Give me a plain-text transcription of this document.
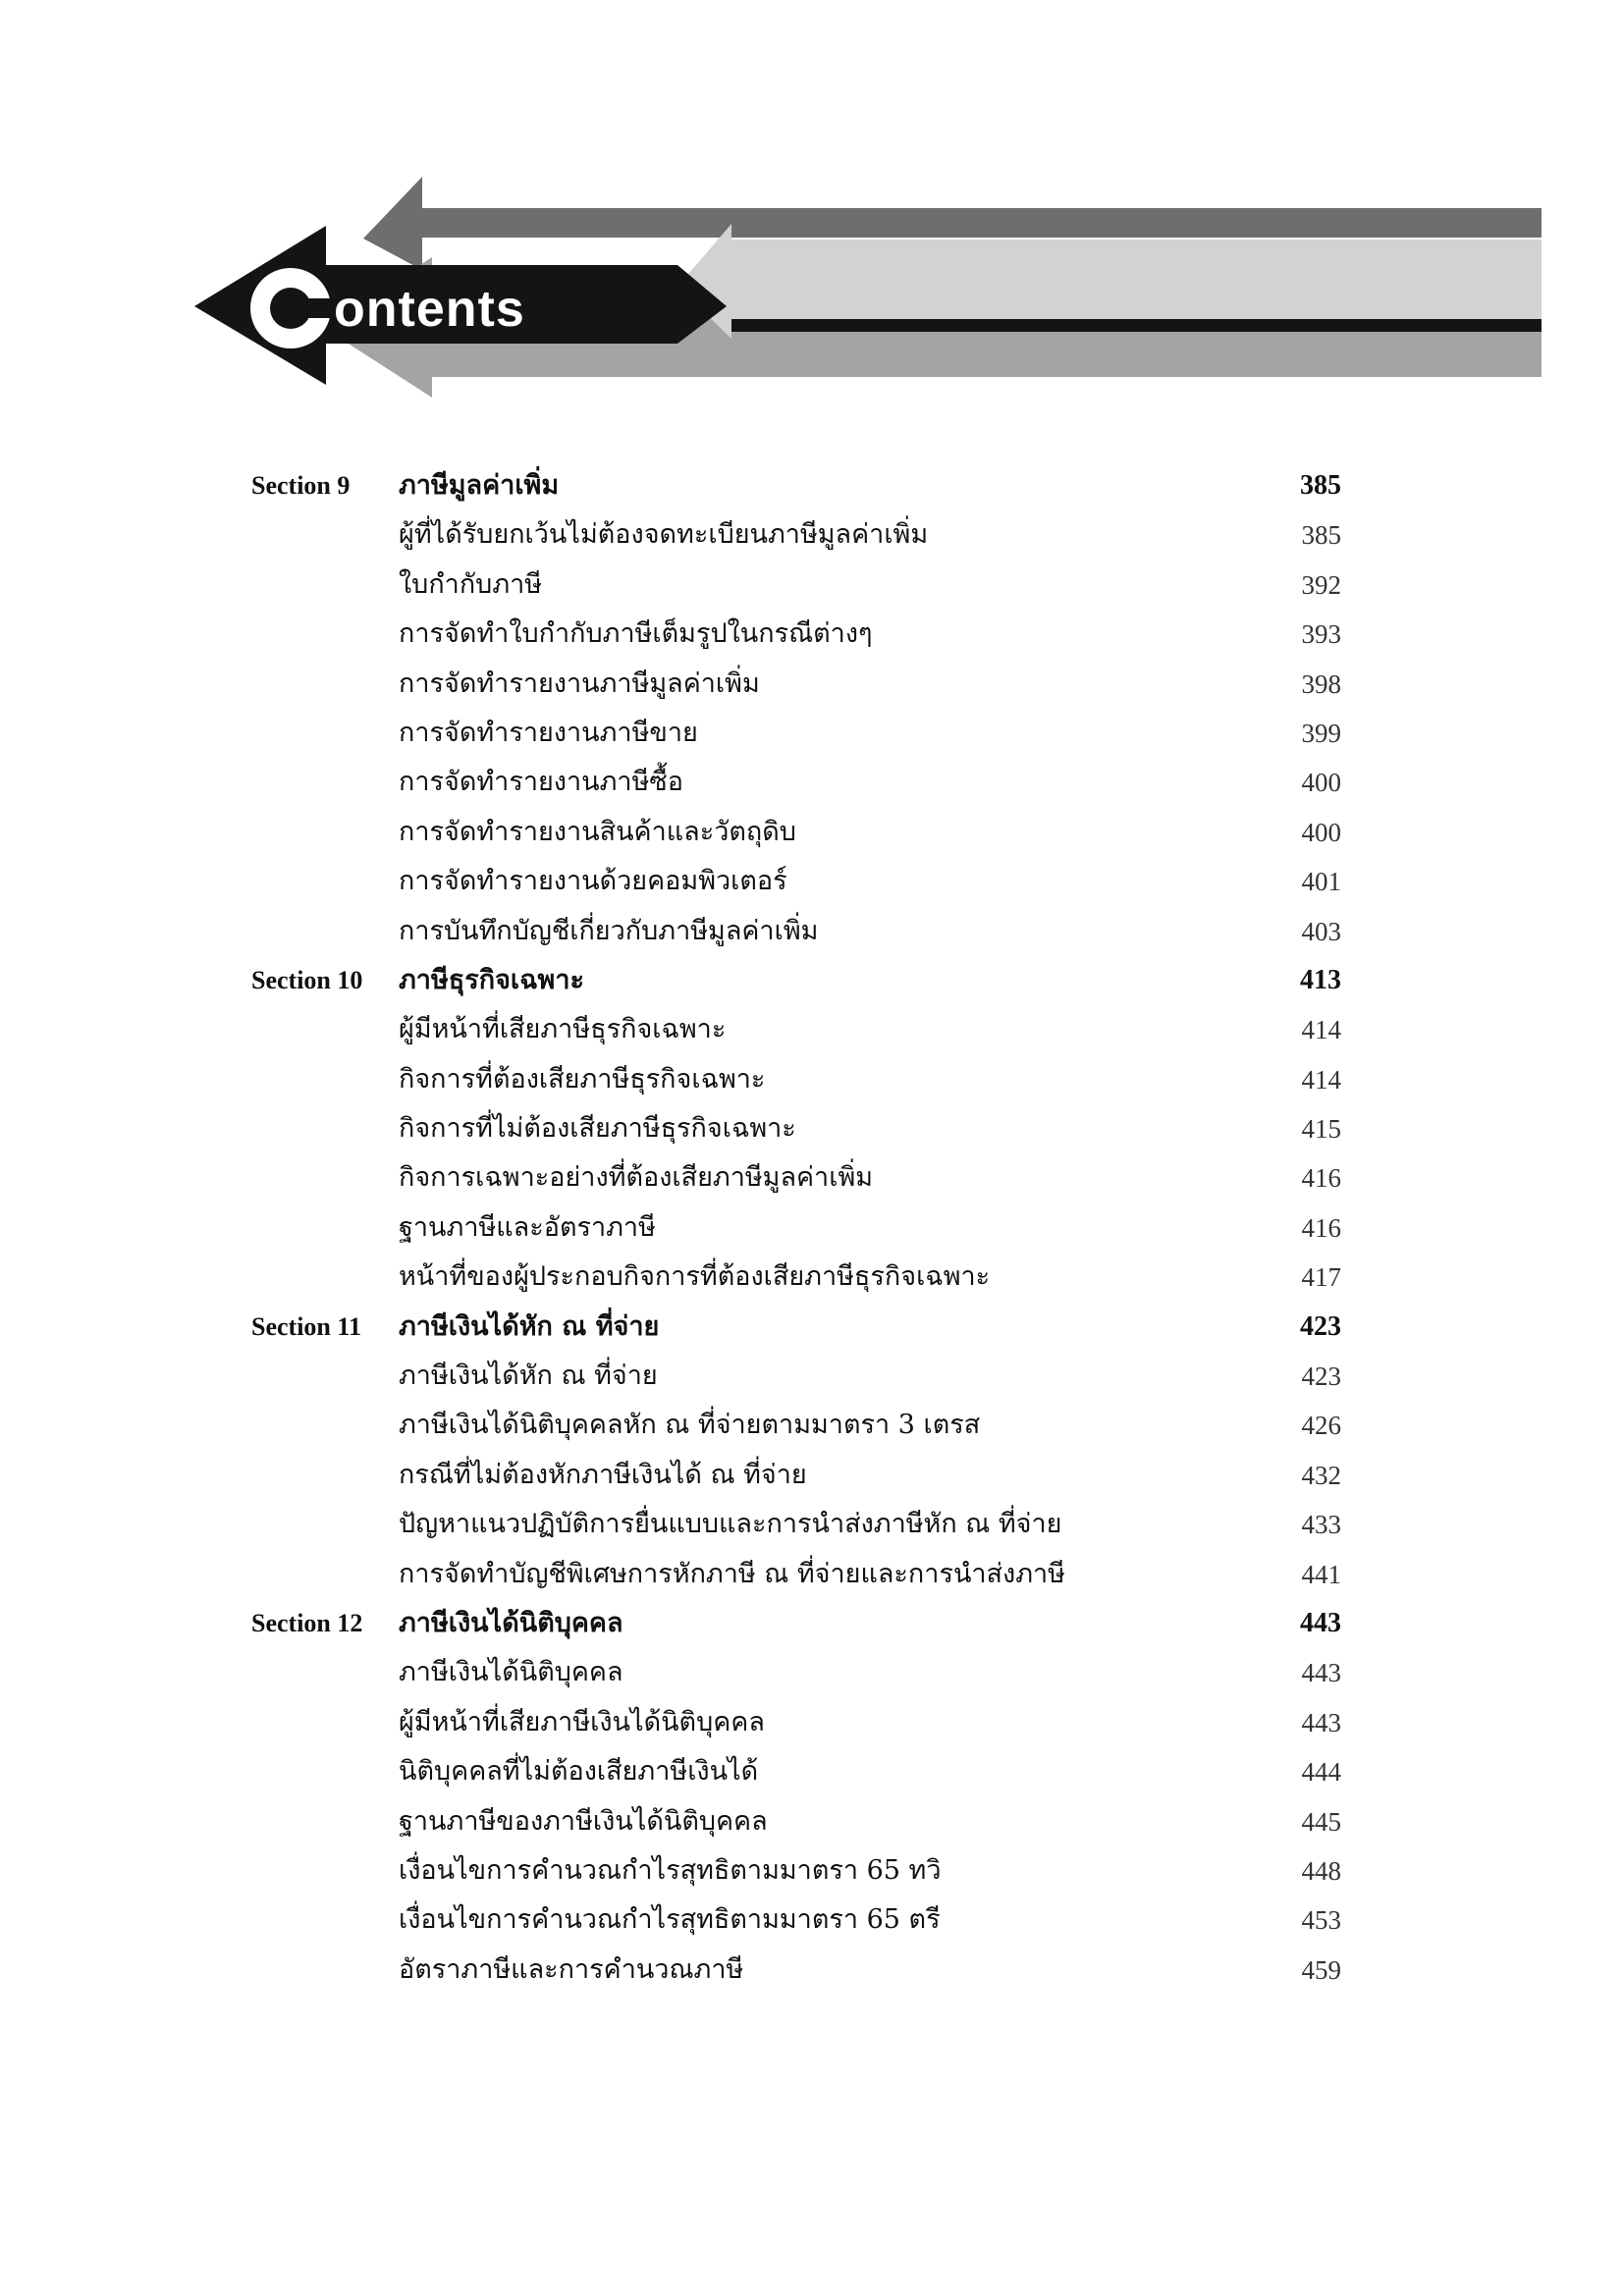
ontents
Section 9 ภาษีมูลค่าเพิ่ม	385
ผู้ที่ได้รับยกเว้นไม่ต้องจดทะเบียนภาษีมูลค่าเพิ่ม	385
ใบกำกับภาษี	392
การจัดทำใบกำกับภาษีเต็มรูปในกรณีต่างๆ	393
การจัดทำรายงานภาษีมูลค่าเพิ่ม	398
การจัดทำรายงานภาษีขาย	399
การจัดทำรายงานภาษีซื้อ	400
การจัดทำรายงานสินค้าและวัตถุดิบ	400
การจัดทำรายงานด้วยคอมพิวเตอร์	401
การบันทึกบัญชีเกี่ยวกับภาษีมูลค่าเพิ่ม	403
Section 10 ภาษีธุรกิจเฉพาะ	413
ผู้มีหน้าที่เสียภาษีธุรกิจเฉพาะ	414
กิจการที่ต้องเสียภาษีธุรกิจเฉพาะ	414
กิจการที่ไม่ต้องเสียภาษีธุรกิจเฉพาะ	415
กิจการเฉพาะอย่างที่ต้องเสียภาษีมูลค่าเพิ่ม	416
ฐานภาษีและอัตราภาษี	416
หน้าที่ของผู้ประกอบกิจการที่ต้องเสียภาษีธุรกิจเฉพาะ	417
Section 11 ภาษีเงินได้หัก ณ ที่จ่าย	423
ภาษีเงินได้หัก ณ ที่จ่าย	423
ภาษีเงินได้นิติบุคคลหัก ณ ที่จ่ายตามมาตรา 3 เตรส	426
กรณีที่ไม่ต้องหักภาษีเงินได้ ณ ที่จ่าย	432
ปัญหาแนวปฏิบัติการยื่นแบบและการนำส่งภาษีหัก ณ ที่จ่าย	433
การจัดทำบัญชีพิเศษการหักภาษี ณ ที่จ่ายและการนำส่งภาษี	441
Section 12 ภาษีเงินได้นิติบุคคล	443
ภาษีเงินได้นิติบุคคล	443
ผู้มีหน้าที่เสียภาษีเงินได้นิติบุคคล	443
นิติบุคคลที่ไม่ต้องเสียภาษีเงินได้	444
ฐานภาษีของภาษีเงินได้นิติบุคคล	445
เงื่อนไขการคำนวณกำไรสุทธิตามมาตรา 65 ทวิ	448
เงื่อนไขการคำนวณกำไรสุทธิตามมาตรา 65 ตรี	453
อัตราภาษีและการคำนวณภาษี	459
